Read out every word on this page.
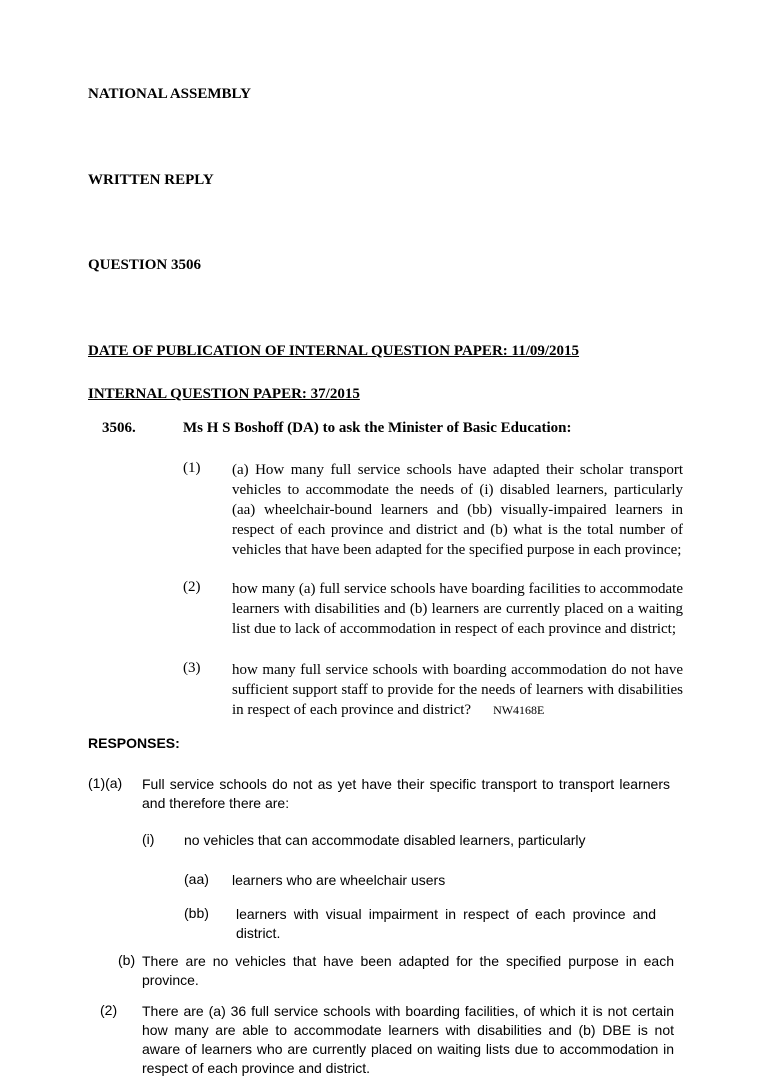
NATIONAL ASSEMBLY
WRITTEN REPLY
QUESTION 3506
DATE OF PUBLICATION OF INTERNAL QUESTION PAPER: 11/09/2015
INTERNAL QUESTION PAPER: 37/2015
3506.	Ms H S Boshoff (DA) to ask the Minister of Basic Education:
(1) (a) How many full service schools have adapted their scholar transport vehicles to accommodate the needs of (i) disabled learners, particularly (aa) wheelchair-bound learners and (bb) visually-impaired learners in respect of each province and district and (b) what is the total number of vehicles that have been adapted for the specified purpose in each province;
(2) how many (a) full service schools have boarding facilities to accommodate learners with disabilities and (b) learners are currently placed on a waiting list due to lack of accommodation in respect of each province and district;
(3) how many full service schools with boarding accommodation do not have sufficient support staff to provide for the needs of learners with disabilities in respect of each province and district? NW4168E
RESPONSES:
(1)(a) Full service schools do not as yet have their specific transport to transport learners and therefore there are:
(i) no vehicles that can accommodate disabled learners, particularly
(aa) learners who are wheelchair users
(bb) learners with visual impairment in respect of each province and district.
(b) There are no vehicles that have been adapted for the specified purpose in each province.
(2) There are (a) 36 full service schools with boarding facilities, of which it is not certain how many are able to accommodate learners with disabilities and (b) DBE is not aware of learners who are currently placed on waiting lists due to accommodation in respect of each province and district.
